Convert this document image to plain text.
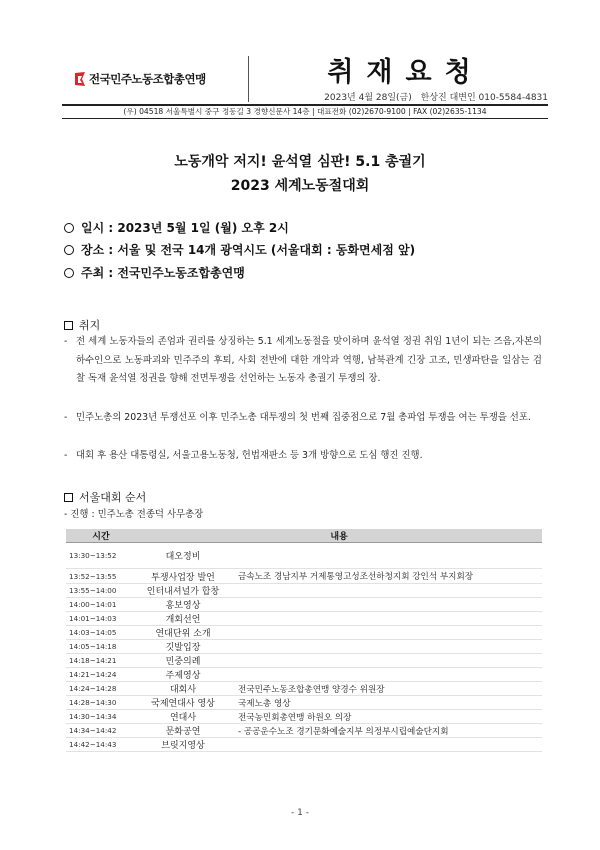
전국민주노동조합총연맹	취재요청
2023년 4월 28일(금) 한상진 대변인 010-5584-4831
(우) 04518 서울특별시 중구 정동길 3 경향신문사 14층 | 대표전화 (02)2670-9100 | FAX (02)2635-1134
노동개악 저지! 윤석열 심판! 5.1 총궐기
2023 세계노동절대회
일시 : 2023년 5월 1일 (월) 오후 2시
장소 : 서울 및 전국 14개 광역시도 (서울대회 : 동화면세점 앞)
주최 : 전국민주노동조합총연맹
취지
- 전 세계 노동자들의 존엄과 권리를 상징하는 5.1 세계노동절을 맞이하며 윤석열 정권 취임 1년이 되는 즈음,자본의 하수인으로 노동파괴와 민주주의 후퇴, 사회 전반에 대한 개악과 역행, 남북관계 긴장 고조, 민생파탄을 일삼는 검찰 독재 윤석열 정권을 향해 전면투쟁을 선언하는 노동자 총궐기 투쟁의 장.
- 민주노총의 2023년 투쟁선포 이후 민주노총 대투쟁의 첫 번째 집중점으로 7월 총파업 투쟁을 여는 투쟁을 선포.
- 대회 후 용산 대통령실, 서울고용노동청, 헌법재판소 등 3개 방향으로 도심 행진 진행.
서울대회 순서
- 진행 : 민주노총 전종덕 사무총장
시간	내용	
13:30~13:52	대오정비	
13:52~13:55	투쟁사업장 발언	금속노조 경남지부 거제통영고성조선하청지회 강인석 부지회장
13:55~14:00	인터내셔널가 합창	
14:00~14:01	홍보영상	
14:01~14:03	개회선언	
14:03~14:05	연대단위 소개	
14:05~14:18	깃발입장	
14:18~14:21	민중의례	
14:21~14:24	주제영상	
14:24~14:28	대회사	전국민주노동조합총연맹 양경수 위원장
14:28~14:30	국제연대사 영상	국제노총 영상
14:30~14:34	연대사	전국농민회총연맹 하원오 의장
14:34~14:42	문화공연	- 공공운수노조 경기문화예술지부 의정부시립예술단지회
14:42~14:43	브릿지영상	
- 1 -
